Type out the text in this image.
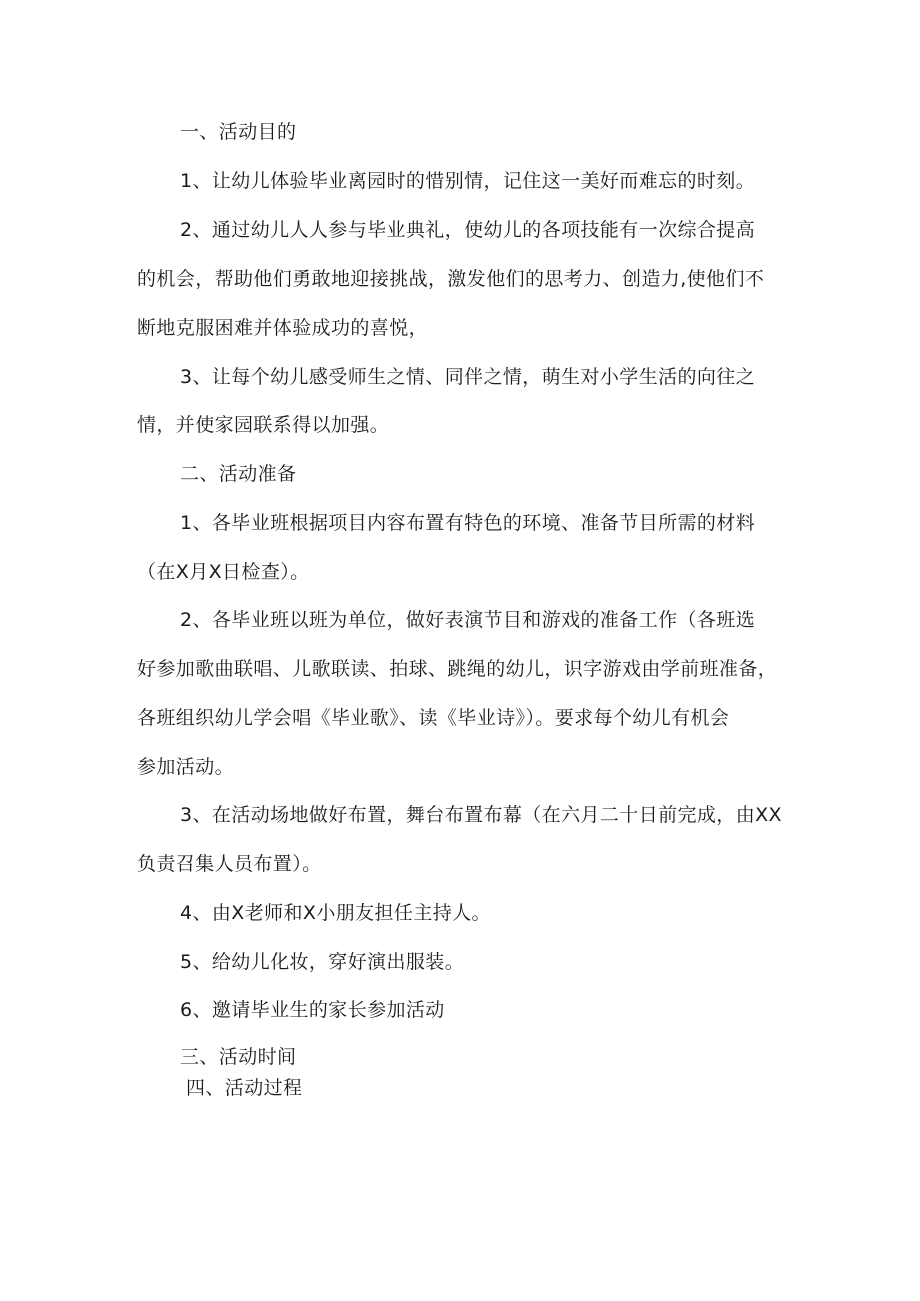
一、活动目的

1、让幼儿体验毕业离园时的惜别情，记住这一美好而难忘的时刻。

2、通过幼儿人人参与毕业典礼，使幼儿的各项技能有一次综合提高

的机会，帮助他们勇敢地迎接挑战，激发他们的思考力、创造力,使他们不

断地克服困难并体验成功的喜悦，

3、让每个幼儿感受师生之情、同伴之情，萌生对小学生活的向往之

情，并使家园联系得以加强。

二、活动准备

1、各毕业班根据项目内容布置有特色的环境、准备节目所需的材料

（在X月X日检查）。

2、各毕业班以班为单位，做好表演节目和游戏的准备工作（各班选

好参加歌曲联唱、儿歌联读、拍球、跳绳的幼儿，识字游戏由学前班准备，

各班组织幼儿学会唱《毕业歌》、读《毕业诗》）。要求每个幼儿有机会

参加活动。

3、在活动场地做好布置，舞台布置布幕（在六月二十日前完成，由XX

负责召集人员布置）。

4、由X老师和X小朋友担任主持人。

5、给幼儿化妆，穿好演出服装。

6、邀请毕业生的家长参加活动

三、活动时间

四、活动过程
